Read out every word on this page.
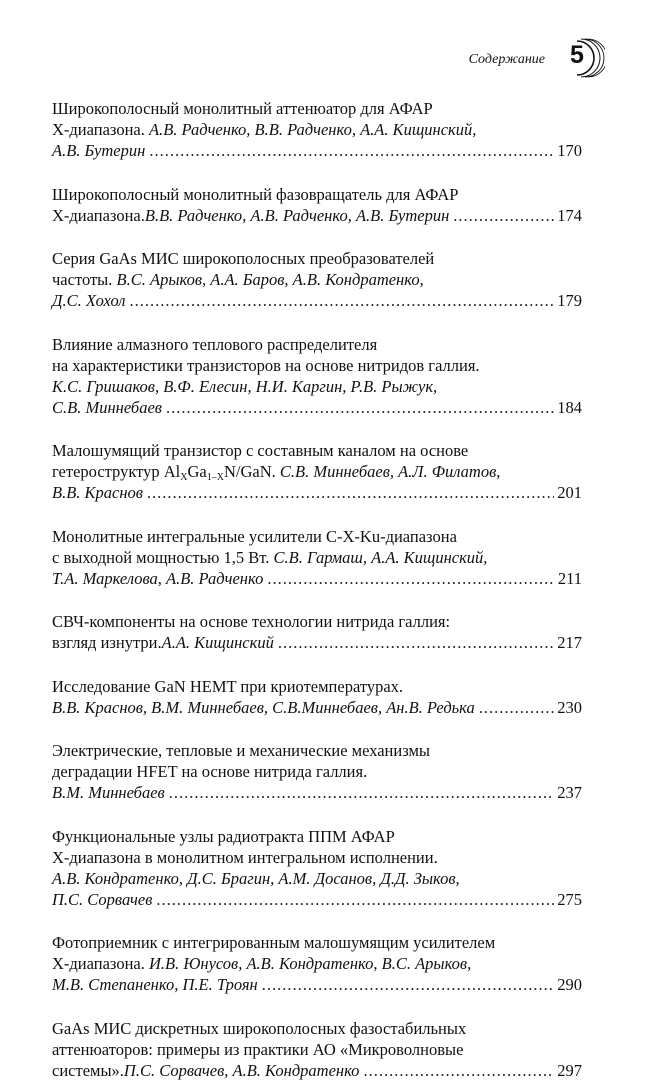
Содержание 5
Широкополосный монолитный аттенюатор для АФАР
Х-диапазона. А.В. Радченко, В.В. Радченко, А.А. Кищинский,
А.В. Бутерин .....	170
Широкополосный монолитный фазовращатель для АФАР
Х-диапазона. В.В. Радченко, А.В. Радченко, А.В. Бутерин .....	174
Серия GaAs МИС широкополосных преобразователей
частоты. В.С. Арыков, А.А. Баров, А.В. Кондратенко,
Д.С. Хохол .....	179
Влияние алмазного теплового распределителя
на характеристики транзисторов на основе нитридов галлия.
К.С. Гришаков, В.Ф. Елесин, Н.И. Каргин, Р.В. Рыжук,
С.В. Миннебаев .....	184
Малошумящий транзистор с составным каналом на основе
гетероструктур $Al_XGa_{1-X}N$/GaN. С.В. Миннебаев, А.Л. Филатов,
В.В. Краснов .....	201
Монолитные интегральные усилители C-X-Ku-диапазона
с выходной мощностью 1,5 Вт. С.В. Гармаш, А.А. Кищинский,
Т.А. Маркелова, А.В. Радченко .....	211
СВЧ-компоненты на основе технологии нитрида галлия:
взгляд изнутри. А.А. Кищинский .....	217
Исследование GaN HEMT при криотемпературах.
В.В. Краснов, В.М. Миннебаев, С.В.Миннебаев, Ан.В. Редька .....	230
Электрические, тепловые и механические механизмы
деградации HFET на основе нитрида галлия.
В.М. Миннебаев .....	237
Функциональные узлы радиотракта ППМ АФАР
Х-диапазона в монолитном интегральном исполнении.
А.В. Кондратенко, Д.С. Брагин, А.М. Досанов, Д.Д. Зыков,
П.С. Сорвачев .....	275
Фотоприемник с интегрированным малошумящим усилителем
Х-диапазона. И.В. Юнусов, А.В. Кондратенко, В.С. Арыков,
М.В. Степаненко, П.Е. Троян .....	290
GaAs МИС дискретных широкополосных фазостабильных
аттенюаторов: примеры из практики АО «Микроволновые
системы». П.С. Сорвачев, А.В. Кондратенко .....	297
